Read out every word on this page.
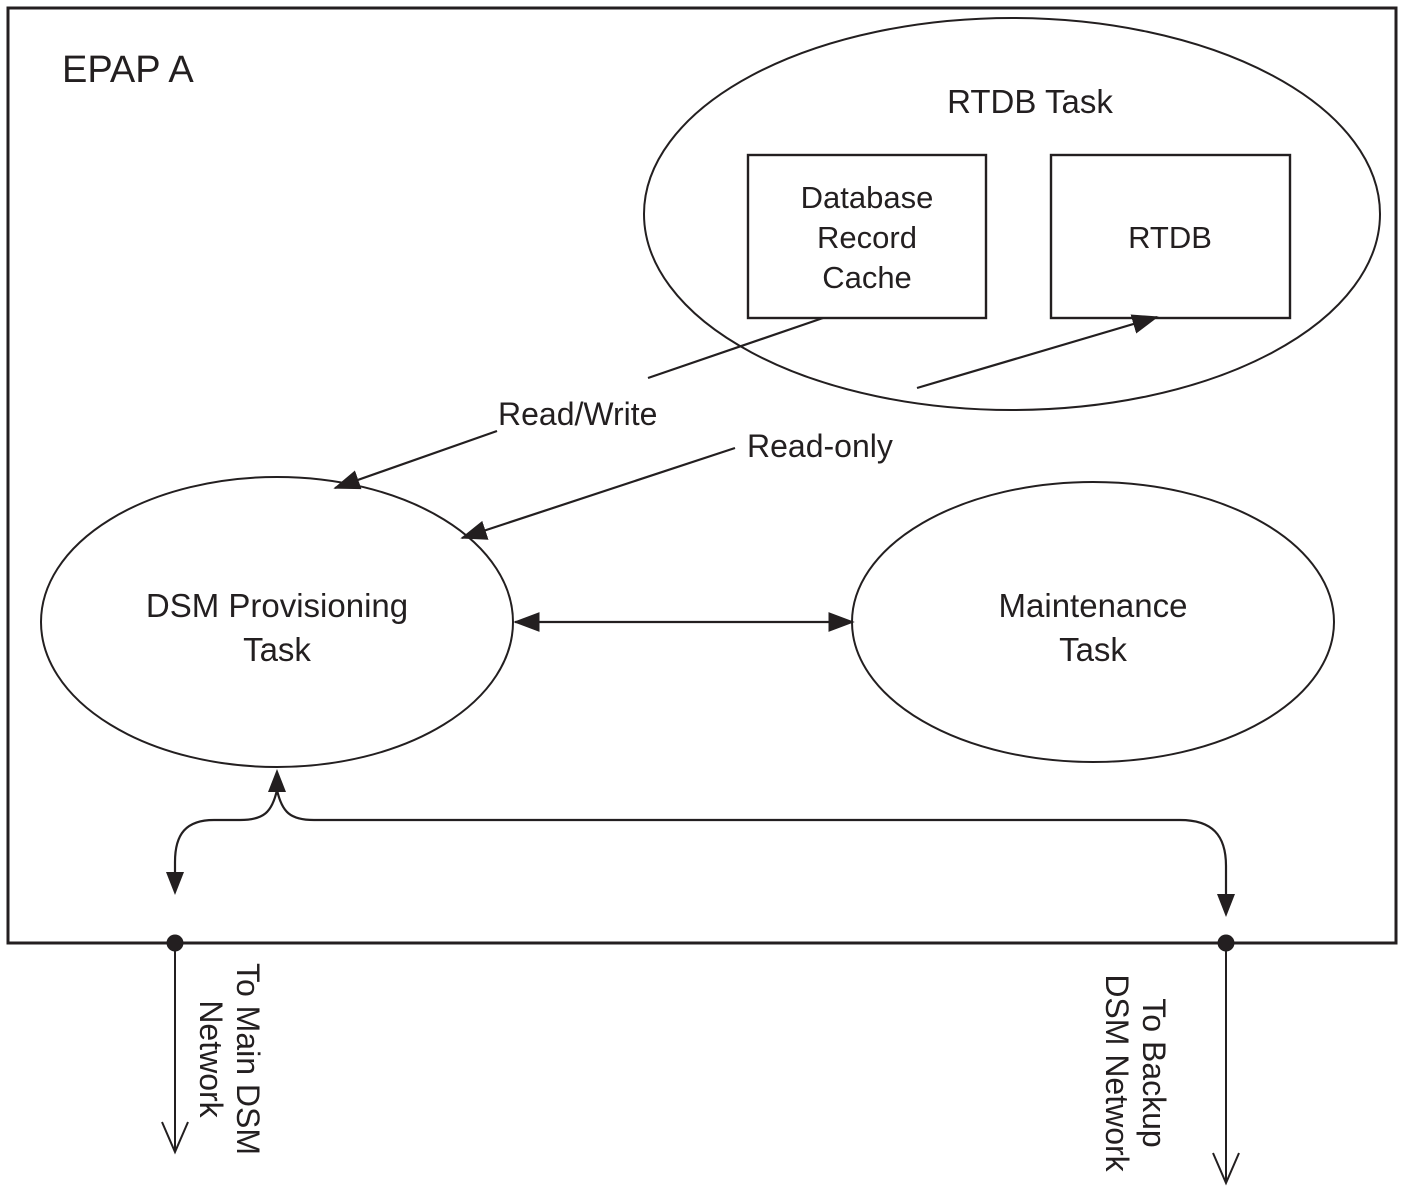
EPAP A
RTDB Task
Database
Record
Cache
RTDB
DSM Provisioning
Task
Maintenance
Task
Read/Write
Read-only
To Main DSM
Network	To Backup
DSM Network
